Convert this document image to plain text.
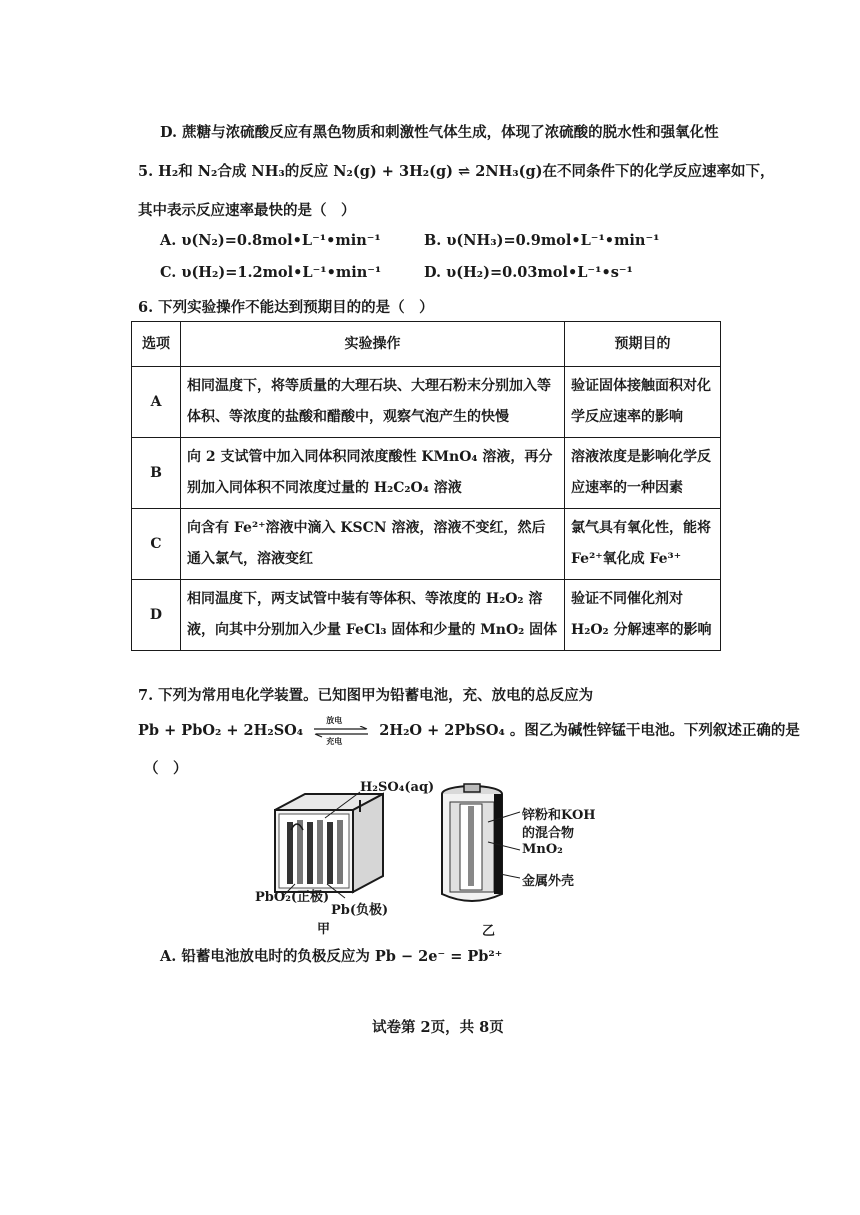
D. 蔗糖与浓硫酸反应有黑色物质和刺激性气体生成，体现了浓硫酸的脱水性和强氧化性
5. H₂和 N₂合成 NH₃的反应 N₂(g) + 3H₂(g) ⇌ 2NH₃(g)在不同条件下的化学反应速率如下，
其中表示反应速率最快的是（　）
A. υ(N₂)=0.8mol•L⁻¹•min⁻¹	B. υ(NH₃)=0.9mol•L⁻¹•min⁻¹
C. υ(H₂)=1.2mol•L⁻¹•min⁻¹	D. υ(H₂)=0.03mol•L⁻¹•s⁻¹
6. 下列实验操作不能达到预期目的的是（　）
选项	实验操作	预期目的
A	相同温度下，将等质量的大理石块、大理石粉末分别加入等体积、等浓度的盐酸和醋酸中，观察气泡产生的快慢	验证固体接触面积对化学反应速率的影响
B	向 2 支试管中加入同体积同浓度酸性 KMnO₄ 溶液，再分别加入同体积不同浓度过量的 H₂C₂O₄ 溶液	溶液浓度是影响化学反应速率的一种因素
C	向含有 Fe²⁺溶液中滴入 KSCN 溶液，溶液不变红，然后通入氯气，溶液变红	氯气具有氧化性，能将 Fe²⁺氧化成 Fe³⁺
D	相同温度下，两支试管中装有等体积、等浓度的 H₂O₂ 溶液，向其中分别加入少量 FeCl₃ 固体和少量的 MnO₂ 固体	验证不同催化剂对 H₂O₂ 分解速率的影响
7. 下列为常用电化学装置。已知图甲为铅蓄电池，充、放电的总反应为
Pb + PbO₂ + 2H₂SO₄
放电
充电
2H₂O + 2PbSO₄ 。图乙为碱性锌锰干电池。下列叙述正确的是
（　）
H₂SO₄(aq)
PbO₂(正极)
Pb(负极)
甲
锌粉和KOH
的混合物
MnO₂
金属外壳
乙
A. 铅蓄电池放电时的负极反应为 Pb − 2e⁻ = Pb²⁺
试卷第 2页，共 8页
